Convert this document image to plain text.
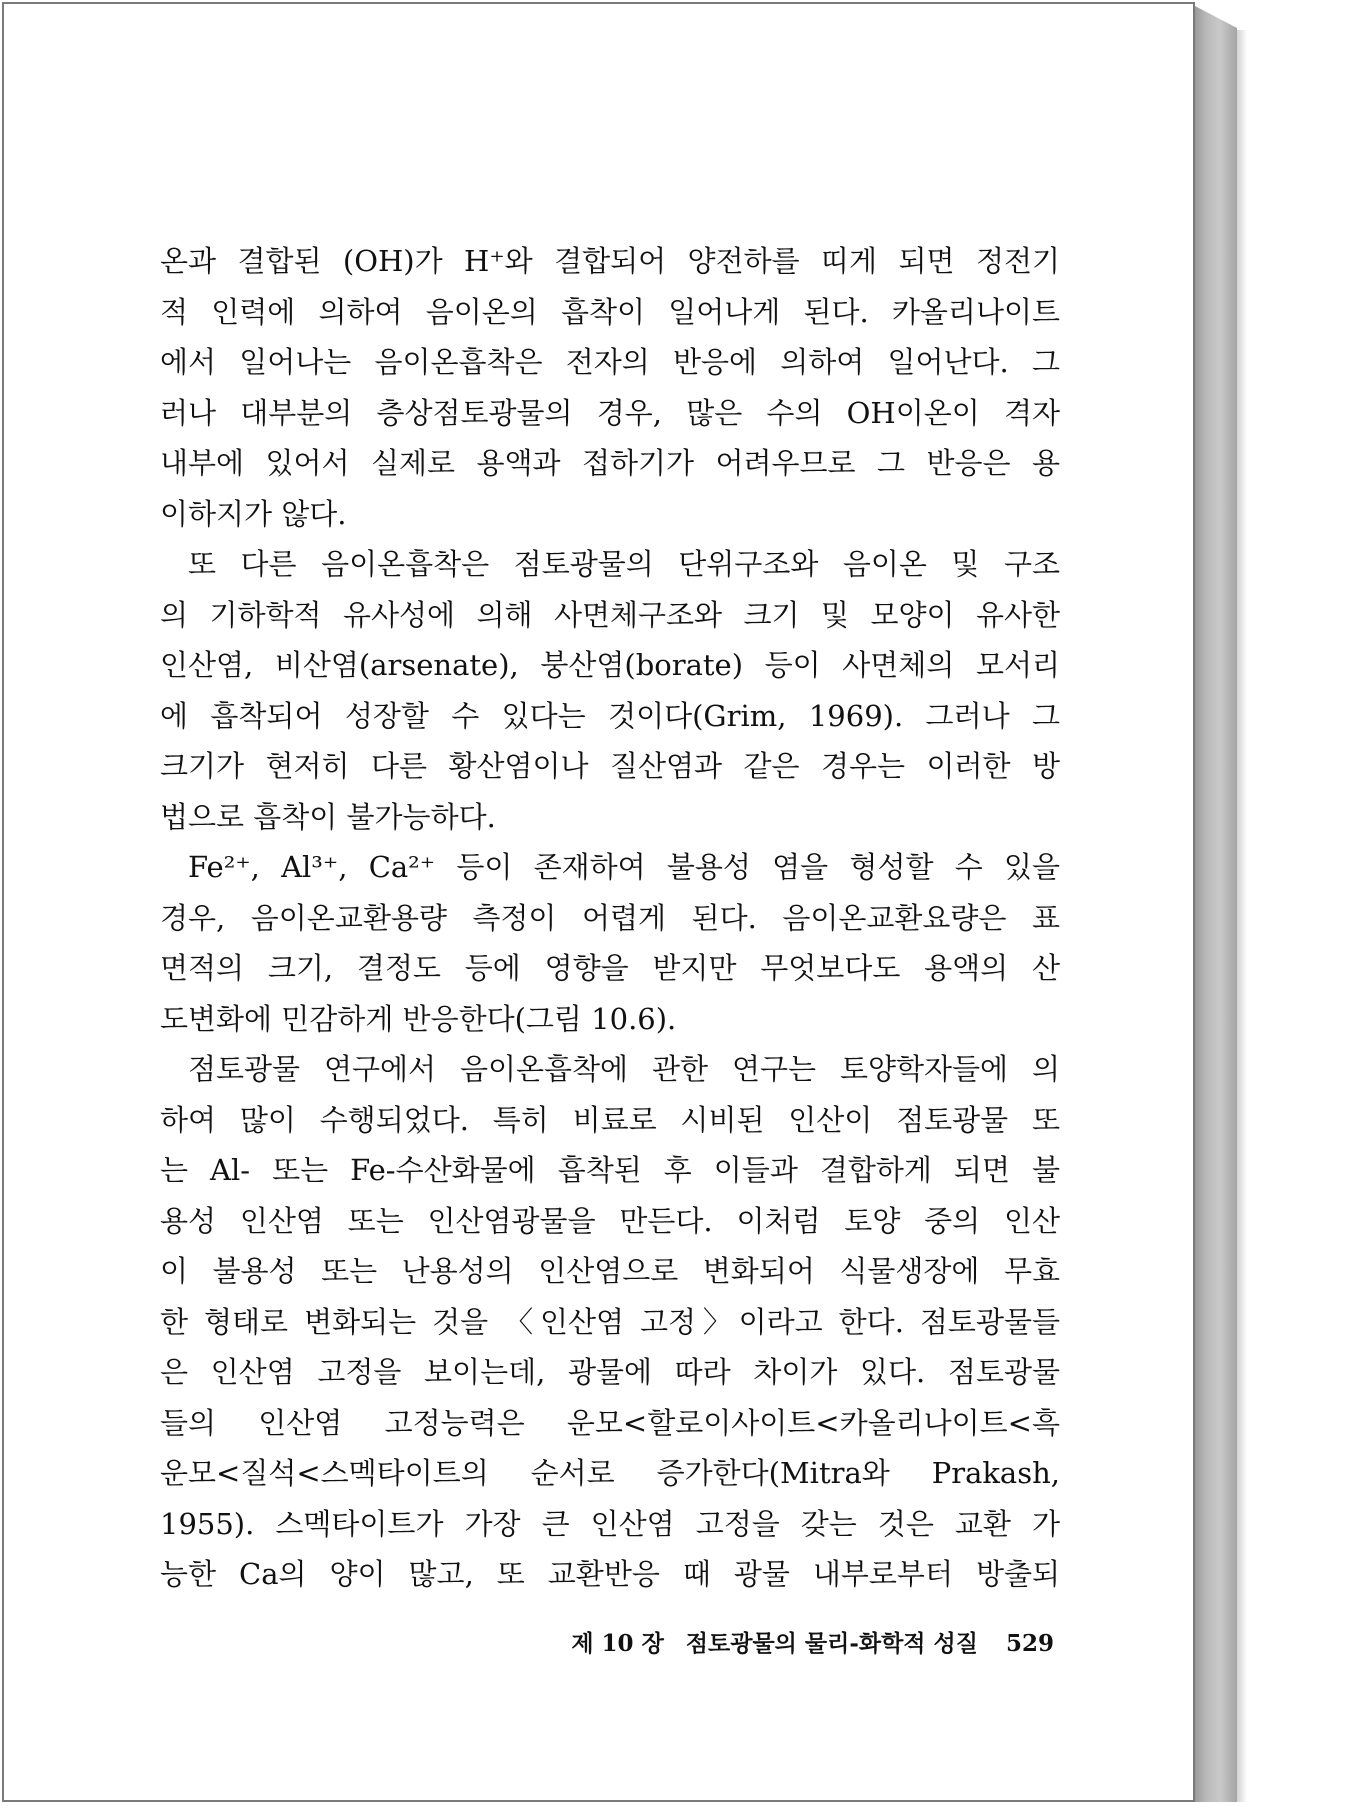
온과 결합된 (OH)가 H⁺와 결합되어 양전하를 띠게 되면 정전기
적 인력에 의하여 음이온의 흡착이 일어나게 된다. 카올리나이트
에서 일어나는 음이온흡착은 전자의 반응에 의하여 일어난다. 그
러나 대부분의 층상점토광물의 경우, 많은 수의 OH이온이 격자
내부에 있어서 실제로 용액과 접하기가 어려우므로 그 반응은 용
이하지가 않다.
또 다른 음이온흡착은 점토광물의 단위구조와 음이온 및 구조
의 기하학적 유사성에 의해 사면체구조와 크기 및 모양이 유사한
인산염, 비산염(arsenate), 붕산염(borate) 등이 사면체의 모서리
에 흡착되어 성장할 수 있다는 것이다(Grim, 1969). 그러나 그
크기가 현저히 다른 황산염이나 질산염과 같은 경우는 이러한 방
법으로 흡착이 불가능하다.
Fe²⁺, Al³⁺, Ca²⁺ 등이 존재하여 불용성 염을 형성할 수 있을
경우, 음이온교환용량 측정이 어렵게 된다. 음이온교환요량은 표
면적의 크기, 결정도 등에 영향을 받지만 무엇보다도 용액의 산
도변화에 민감하게 반응한다(그림 10.6).
점토광물 연구에서 음이온흡착에 관한 연구는 토양학자들에 의
하여 많이 수행되었다. 특히 비료로 시비된 인산이 점토광물 또
는 Al- 또는 Fe-수산화물에 흡착된 후 이들과 결합하게 되면 불
용성 인산염 또는 인산염광물을 만든다. 이처럼 토양 중의 인산
이 불용성 또는 난용성의 인산염으로 변화되어 식물생장에 무효
한 형태로 변화되는 것을 〈인산염 고정〉이라고 한다. 점토광물들
은 인산염 고정을 보이는데, 광물에 따라 차이가 있다. 점토광물
들의 인산염 고정능력은 운모<할로이사이트<카올리나이트<흑
운모<질석<스멕타이트의 순서로 증가한다(Mitra와 Prakash,
1955). 스멕타이트가 가장 큰 인산염 고정을 갖는 것은 교환 가
능한 Ca의 양이 많고, 또 교환반응 때 광물 내부로부터 방출되
제 10 장 점토광물의 물리-화학적 성질 529
